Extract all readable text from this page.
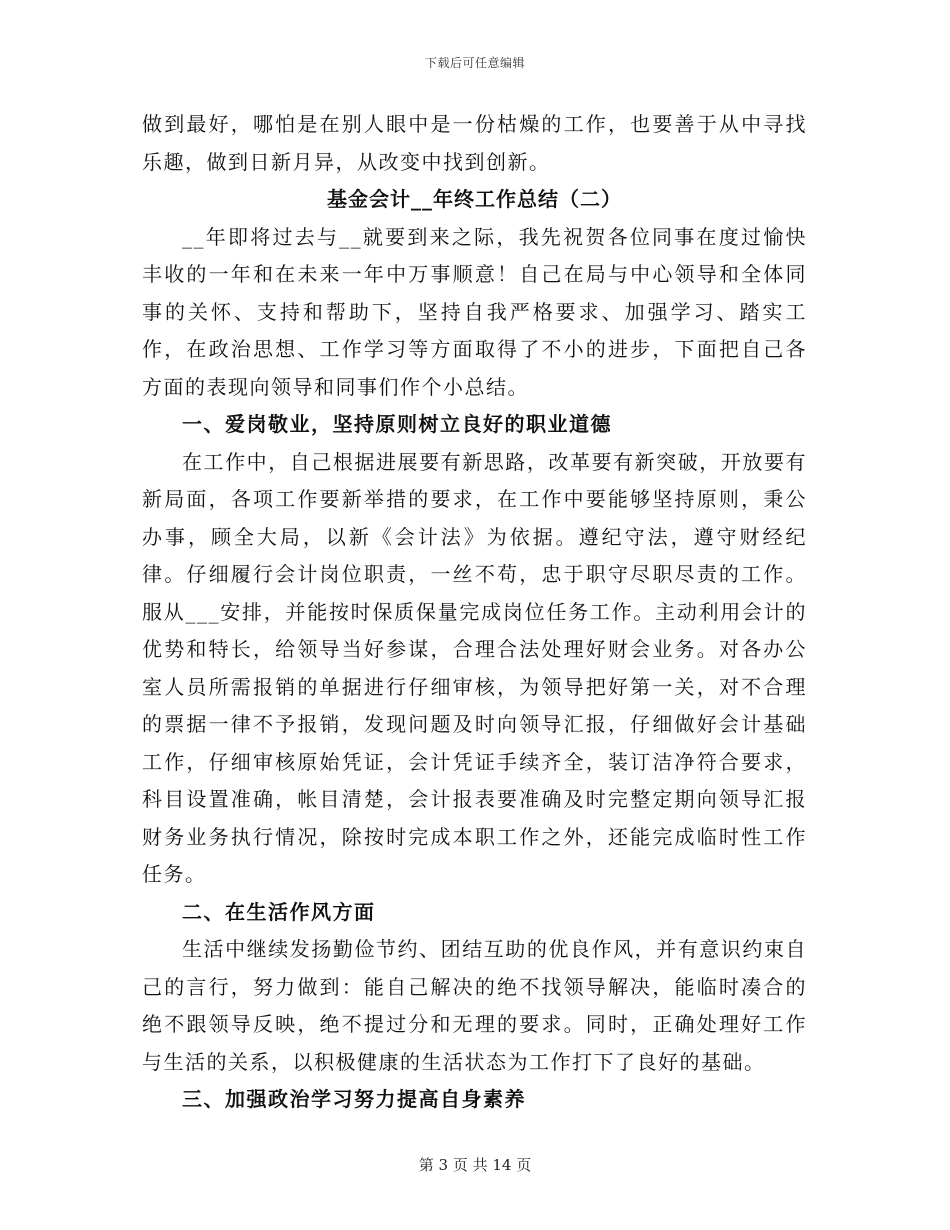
下载后可任意编辑

做到最好，哪怕是在别人眼中是一份枯燥的工作，也要善于从中寻找乐趣，做到日新月异，从改变中找到创新。

基金会计__年终工作总结（二）

__年即将过去与__就要到来之际，我先祝贺各位同事在度过愉快丰收的一年和在未来一年中万事顺意！自己在局与中心领导和全体同事的关怀、支持和帮助下，坚持自我严格要求、加强学习、踏实工作，在政治思想、工作学习等方面取得了不小的进步，下面把自己各方面的表现向领导和同事们作个小总结。

一、爱岗敬业，坚持原则树立良好的职业道德

在工作中，自己根据进展要有新思路，改革要有新突破，开放要有新局面，各项工作要新举措的要求，在工作中要能够坚持原则，秉公办事，顾全大局，以新《会计法》为依据。遵纪守法，遵守财经纪律。仔细履行会计岗位职责，一丝不苟，忠于职守尽职尽责的工作。服从___安排，并能按时保质保量完成岗位任务工作。主动利用会计的优势和特长，给领导当好参谋，合理合法处理好财会业务。对各办公室人员所需报销的单据进行仔细审核，为领导把好第一关，对不合理的票据一律不予报销，发现问题及时向领导汇报，仔细做好会计基础工作，仔细审核原始凭证，会计凭证手续齐全，装订洁净符合要求，科目设置准确，帐目清楚，会计报表要准确及时完整定期向领导汇报财务业务执行情况，除按时完成本职工作之外，还能完成临时性工作任务。

二、在生活作风方面

生活中继续发扬勤俭节约、团结互助的优良作风，并有意识约束自己的言行，努力做到：能自己解决的绝不找领导解决，能临时凑合的绝不跟领导反映，绝不提过分和无理的要求。同时，正确处理好工作与生活的关系，以积极健康的生活状态为工作打下了良好的基础。

三、加强政治学习努力提高自身素养

第 3 页 共 14 页
